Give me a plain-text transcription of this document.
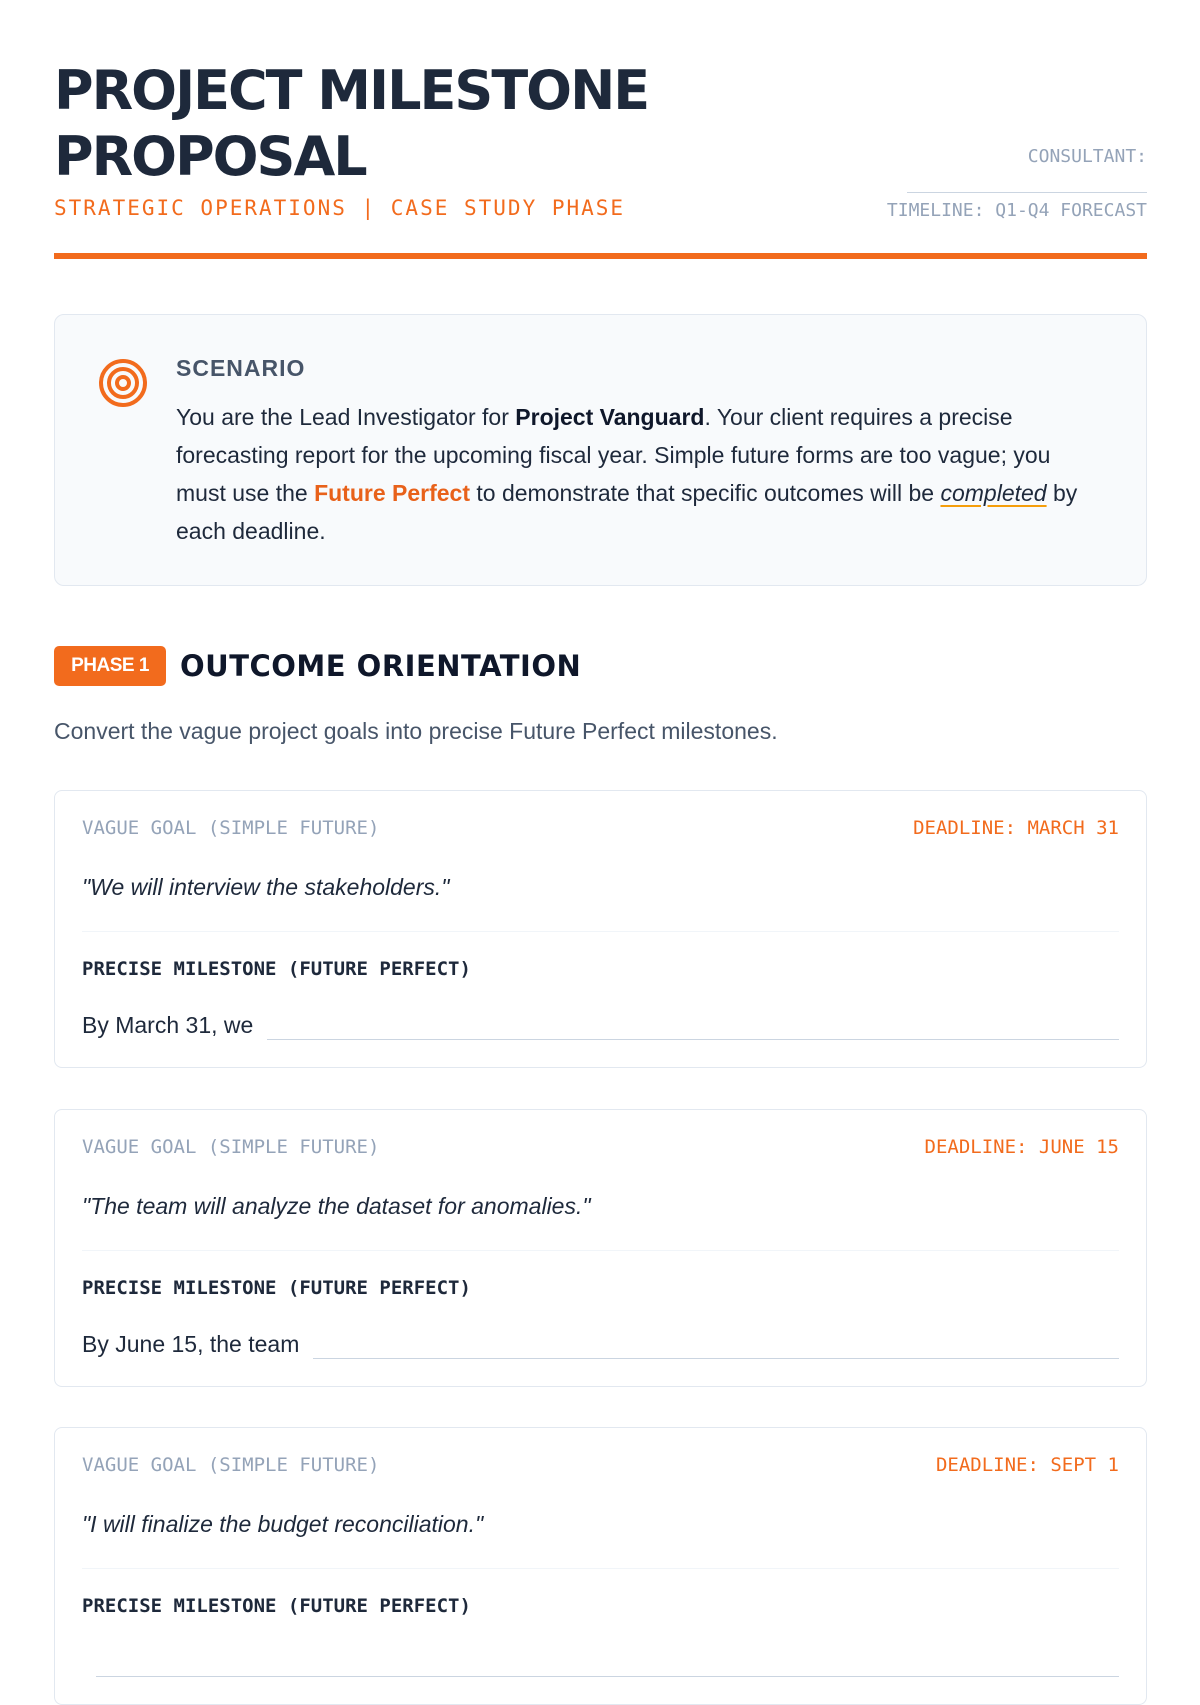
PROJECT MILESTONE
PROPOSAL
STRATEGIC OPERATIONS | CASE STUDY PHASE
CONSULTANT:
TIMELINE: Q1-Q4 FORECAST
SCENARIO

You are the Lead Investigator for Project Vanguard. Your client requires a precise forecasting report for the upcoming fiscal year. Simple future forms are too vague; you must use the Future Perfect to demonstrate that specific outcomes will be completed by each deadline.

PHASE 1	OUTCOME ORIENTATION
Convert the vague project goals into precise Future Perfect milestones.
VAGUE GOAL (SIMPLE FUTURE)	DEADLINE: MARCH 31
"We will interview the stakeholders."
PRECISE MILESTONE (FUTURE PERFECT)
By March 31, we
VAGUE GOAL (SIMPLE FUTURE)	DEADLINE: JUNE 15
"The team will analyze the dataset for anomalies."
PRECISE MILESTONE (FUTURE PERFECT)
By June 15, the team
VAGUE GOAL (SIMPLE FUTURE)	DEADLINE: SEPT 1
"I will finalize the budget reconciliation."
PRECISE MILESTONE (FUTURE PERFECT)
